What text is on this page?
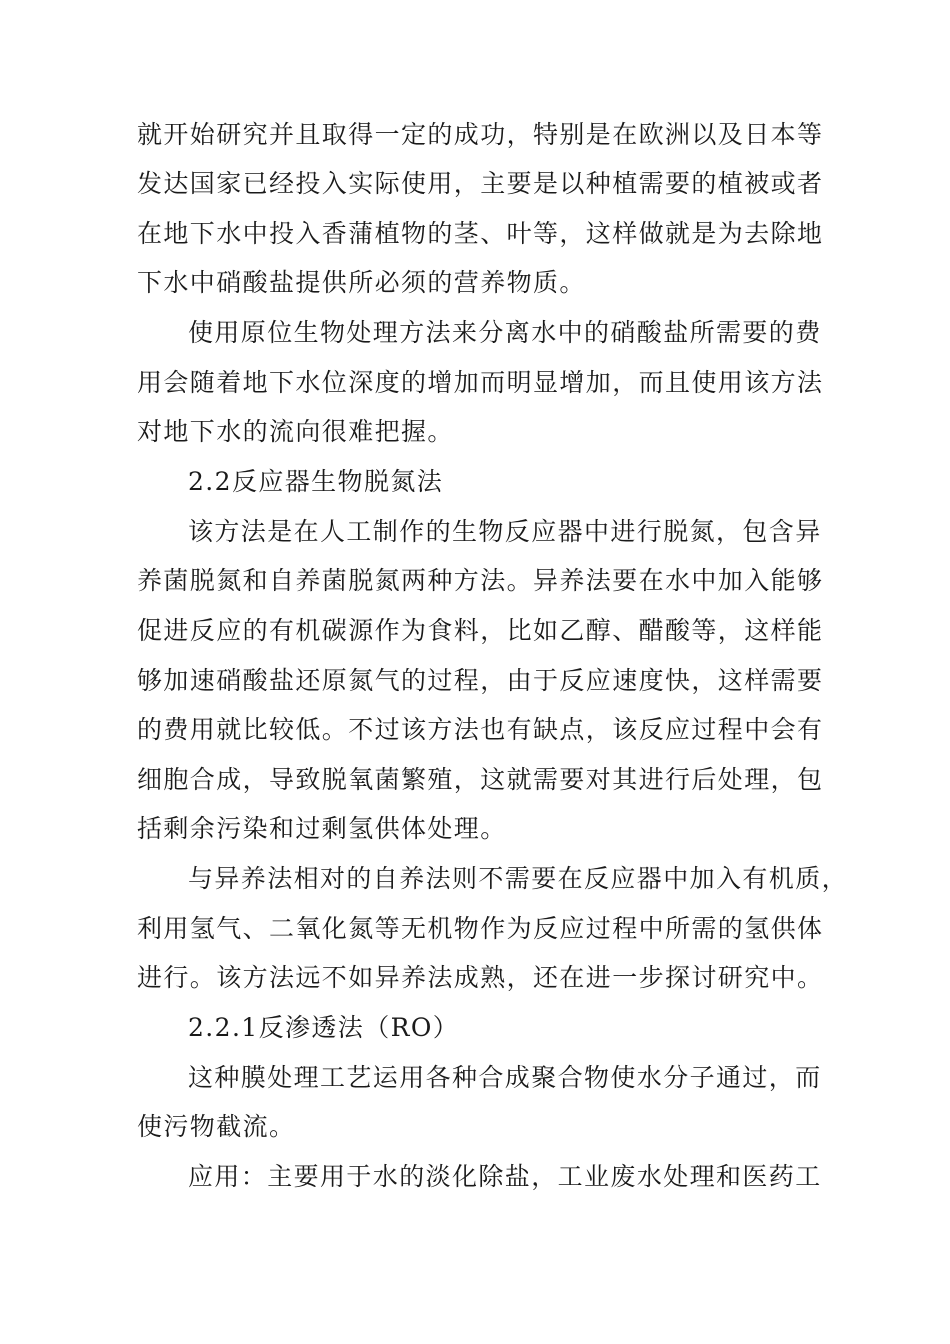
就开始研究并且取得一定的成功，特别是在欧洲以及日本等
发达国家已经投入实际使用，主要是以种植需要的植被或者
在地下水中投入香蒲植物的茎、叶等，这样做就是为去除地
下水中硝酸盐提供所必须的营养物质。
使用原位生物处理方法来分离水中的硝酸盐所需要的费
用会随着地下水位深度的增加而明显增加，而且使用该方法
对地下水的流向很难把握。
2.2反应器生物脱氮法
该方法是在人工制作的生物反应器中进行脱氮，包含异
养菌脱氮和自养菌脱氮两种方法。异养法要在水中加入能够
促进反应的有机碳源作为食料，比如乙醇、醋酸等，这样能
够加速硝酸盐还原氮气的过程，由于反应速度快，这样需要
的费用就比较低。不过该方法也有缺点，该反应过程中会有
细胞合成，导致脱氧菌繁殖，这就需要对其进行后处理，包
括剩余污染和过剩氢供体处理。
与异养法相对的自养法则不需要在反应器中加入有机质，
利用氢气、二氧化氮等无机物作为反应过程中所需的氢供体
进行。该方法远不如异养法成熟，还在进一步探讨研究中。
2.2.1反渗透法（RO）
这种膜处理工艺运用各种合成聚合物使水分子通过，而
使污物截流。
应用：主要用于水的淡化除盐，工业废水处理和医药工
